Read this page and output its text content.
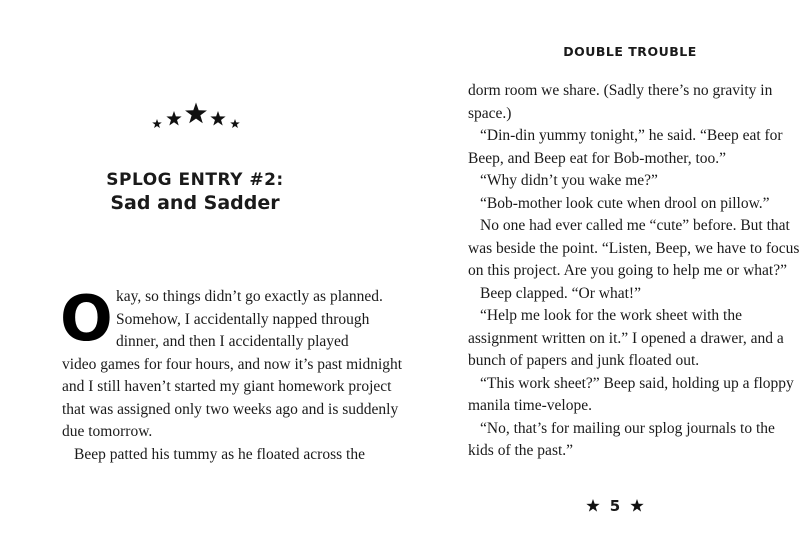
SPLOG ENTRY #2:
Sad and Sadder
O kay, so things didn’t go exactly as planned.
Somehow, I accidentally napped through
dinner, and then I accidentally played
video games for four hours, and now it’s past midnight
and I still haven’t started my giant homework project
that was assigned only two weeks ago and is suddenly
due tomorrow.
Beep patted his tummy as he floated across the
DOUBLE TROUBLE
dorm room we share. (Sadly there’s no gravity in
space.)
“Din-din yummy tonight,” he said. “Beep eat for
Beep, and Beep eat for Bob-mother, too.”
“Why didn’t you wake me?”
“Bob-mother look cute when drool on pillow.”
No one had ever called me “cute” before. But that
was beside the point. “Listen, Beep, we have to focus
on this project. Are you going to help me or what?”
Beep clapped. “Or what!”
“Help me look for the work sheet with the
assignment written on it.” I opened a drawer, and a
bunch of papers and junk floated out.
“This work sheet?” Beep said, holding up a floppy
manila time-velope.
“No, that’s for mailing our splog journals to the
kids of the past.”
5
